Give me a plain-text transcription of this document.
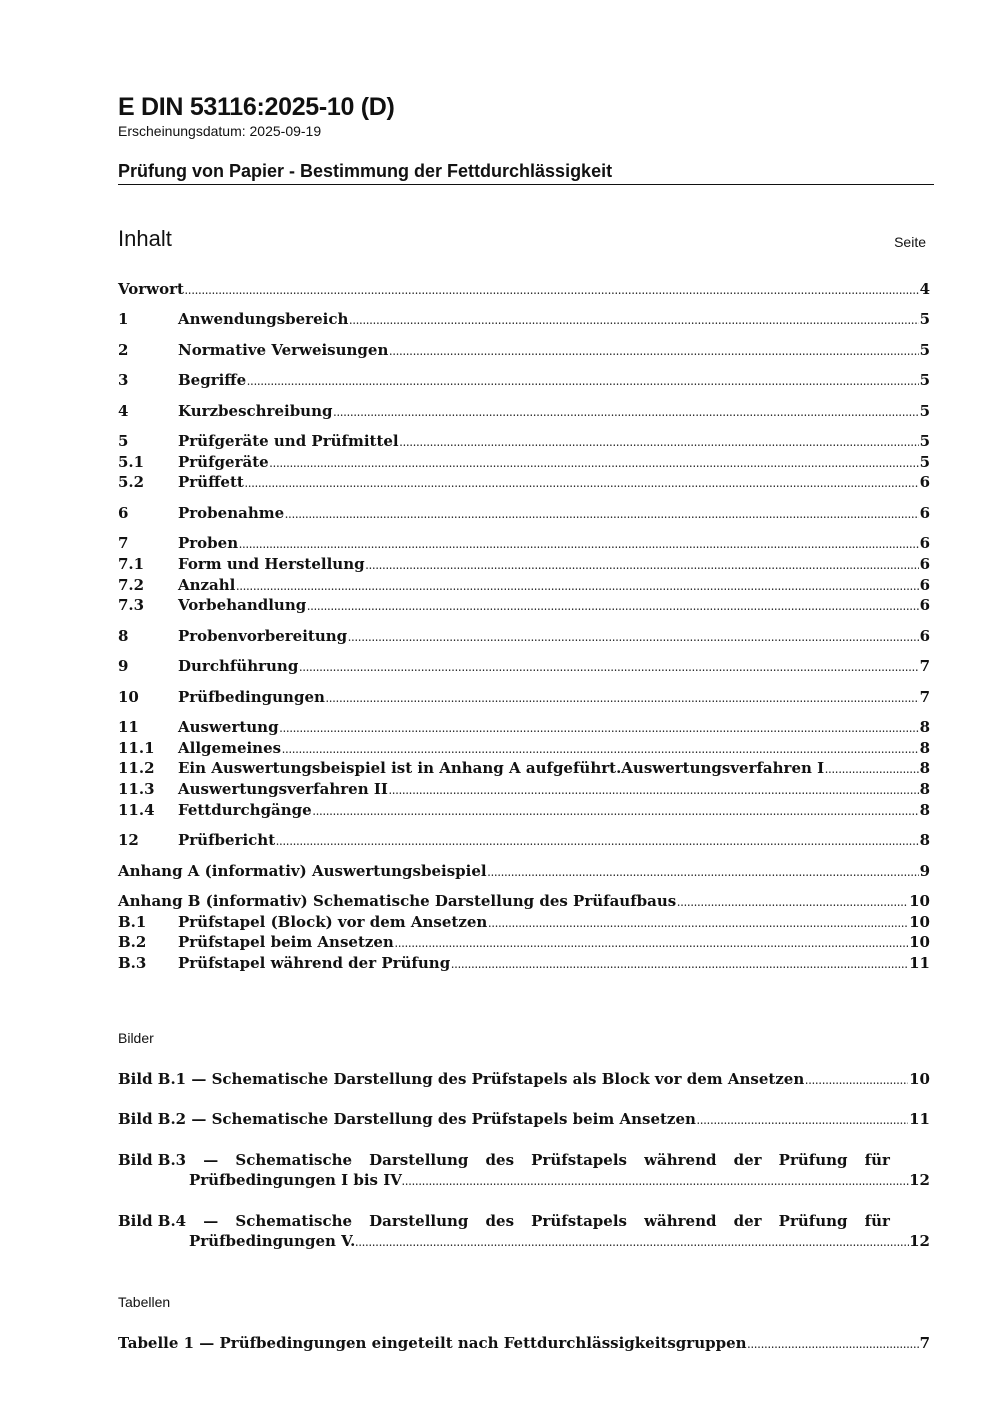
E DIN 53116:2025-10 (D)

Erscheinungsdatum: 2025-09-19

Prüfung von Papier - Bestimmung der Fettdurchlässigkeit
Inhalt	Seite
Vorwort .....	4
1	Anwendungsbereich .....	5
2	Normative Verweisungen .....	5
3	Begriffe .....	5
4	Kurzbeschreibung .....	5
5	Prüfgeräte und Prüfmittel .....	5
5.1 Prüfgeräte .....	5
5.2 Prüffett .....	6
6	Probenahme .....	6
7	Proben .....	6
7.1 Form und Herstellung .....	6
7.2 Anzahl .....	6
7.3 Vorbehandlung .....	6
8	Probenvorbereitung .....	6
9	Durchführung .....	7
10	Prüfbedingungen .....	7
11	Auswertung .....	8
11.1 Allgemeines .....	8
11.2 Ein Auswertungsbeispiel ist in Anhang A aufgeführt.Auswertungsverfahren I .....	8
11.3 Auswertungsverfahren II .....	8
11.4 Fettdurchgänge .....	8
12	Prüfbericht .....	8
Anhang A (informativ) Auswertungsbeispiel .....	9
Anhang B (informativ) Schematische Darstellung des Prüfaufbaus .....	10
B.1 Prüfstapel (Block) vor dem Ansetzen .....	10
B.2 Prüfstapel beim Ansetzen .....	10
B.3 Prüfstapel während der Prüfung .....	11
Bilder
Bild B.1 — Schematische Darstellung des Prüfstapels als Block vor dem Ansetzen .....	10
Bild B.2 — Schematische Darstellung des Prüfstapels beim Ansetzen .....	11
Bild B.3 — Schematische Darstellung des Prüfstapels während der Prüfung für
Prüfbedingungen I bis IV .....	12
Bild B.4 — Schematische Darstellung des Prüfstapels während der Prüfung für
Prüfbedingungen V. .....	12
Tabellen
Tabelle 1 — Prüfbedingungen eingeteilt nach Fettdurchlässigkeitsgruppen .....	7
